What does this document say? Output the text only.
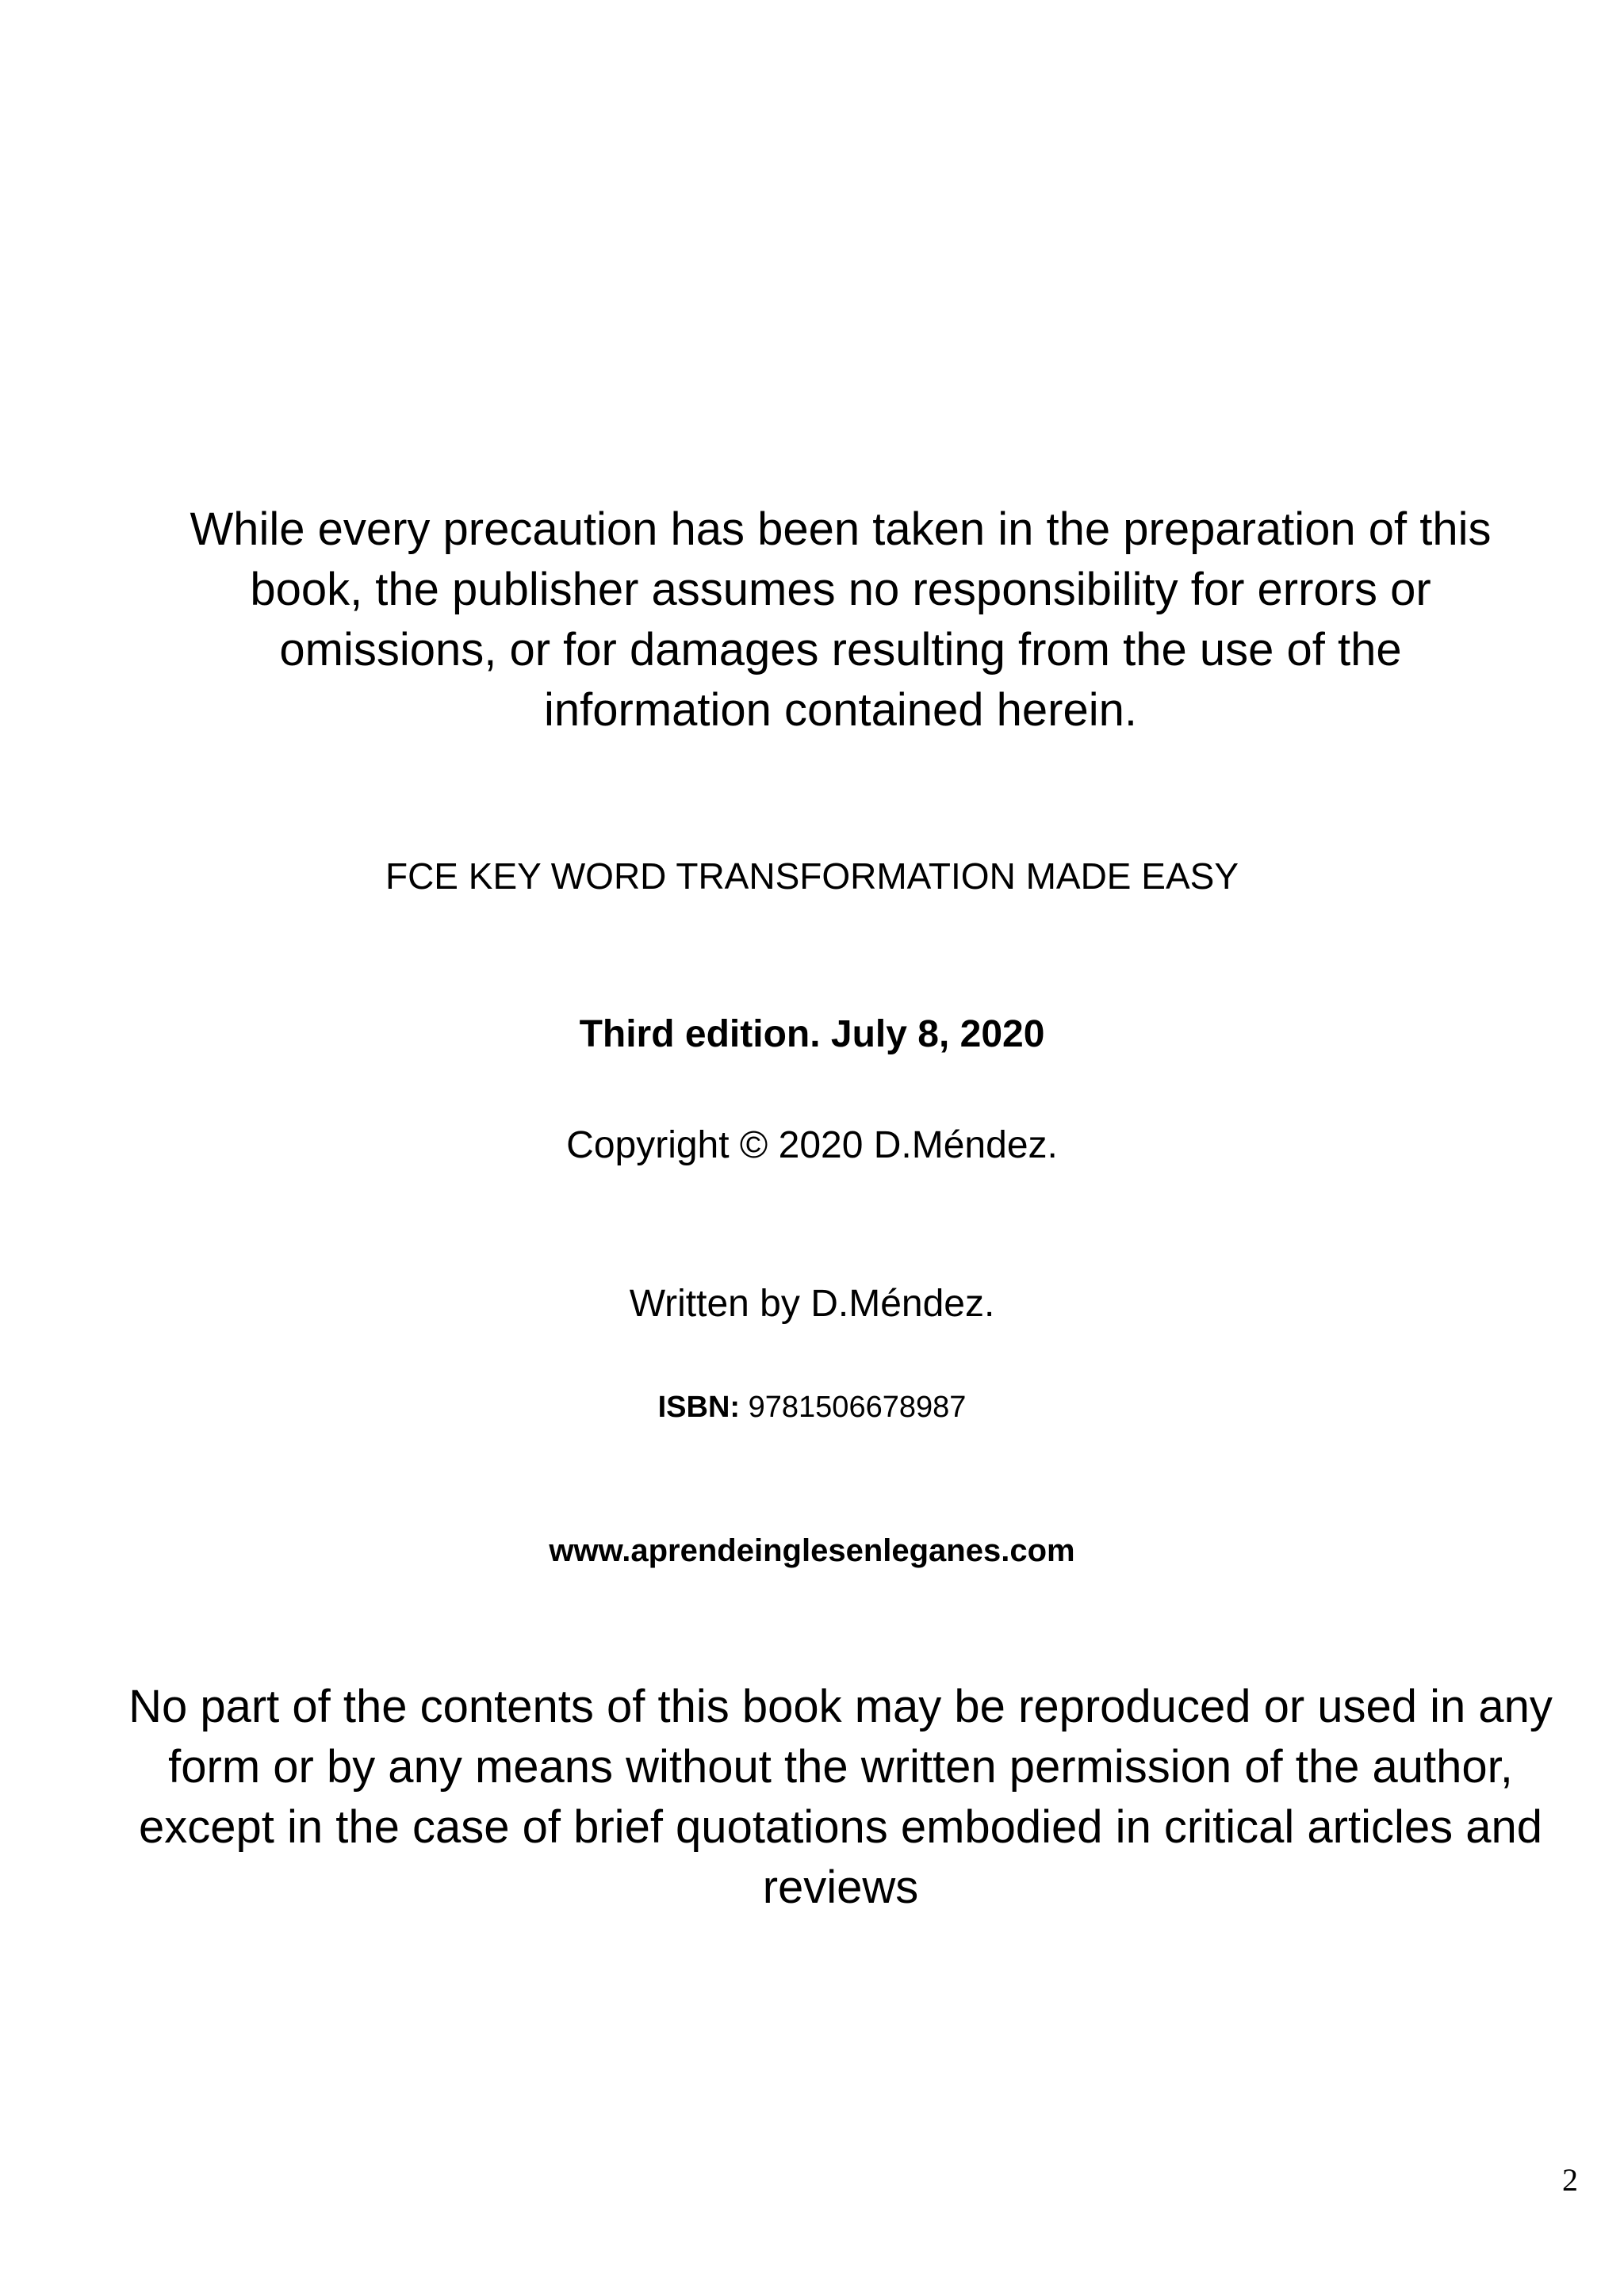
While every precaution has been taken in the preparation of this book, the publisher assumes no responsibility for errors or omissions, or for damages resulting from the use of the information contained herein.
FCE KEY WORD TRANSFORMATION MADE EASY
Third edition. July 8, 2020
Copyright © 2020 D.Méndez.
Written by D.Méndez.
ISBN: 9781506678987
www.aprendeinglesenleganes.com
No part of the contents of this book may be reproduced or used in any form or by any means without the written permission of the author, except in the case of brief quotations embodied in critical articles and reviews
2
